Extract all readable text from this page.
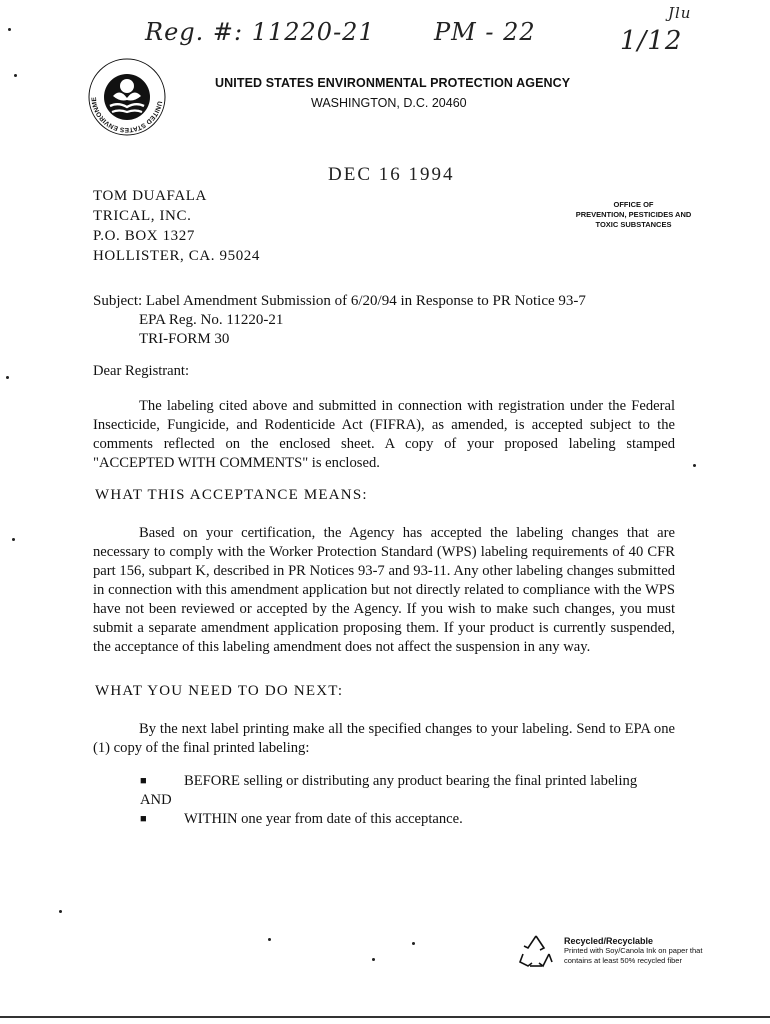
Reg. #: 11220-21 PM - 22	1/12
Jlu
UNITED STATES ENVIRONME
UNITED STATES ENVIRONMENTAL PROTECTION AGENCY
WASHINGTON, D.C. 20460
DEC 16 1994
TOM DUAFALA
TRICAL, INC.
P.O. BOX 1327
HOLLISTER, CA. 95024
OFFICE OF
PREVENTION, PESTICIDES AND
TOXIC SUBSTANCES
Subject: Label Amendment Submission of 6/20/94 in Response to PR Notice 93-7
EPA Reg. No. 11220-21
TRI-FORM 30
Dear Registrant:
The labeling cited above and submitted in connection with registration under the Federal Insecticide, Fungicide, and Rodenticide Act (FIFRA), as amended, is accepted subject to the comments reflected on the enclosed sheet. A copy of your proposed labeling stamped "ACCEPTED WITH COMMENTS" is enclosed.
WHAT THIS ACCEPTANCE MEANS:
Based on your certification, the Agency has accepted the labeling changes that are necessary to comply with the Worker Protection Standard (WPS) labeling requirements of 40 CFR part 156, subpart K, described in PR Notices 93-7 and 93-11. Any other labeling changes submitted in connection with this amendment application but not directly related to compliance with the WPS have not been reviewed or accepted by the Agency. If you wish to make such changes, you must submit a separate amendment application proposing them. If your product is currently suspended, the acceptance of this labeling amendment does not affect the suspension in any way.
WHAT YOU NEED TO DO NEXT:
By the next label printing make all the specified changes to your labeling. Send to EPA one (1) copy of the final printed labeling:
■	BEFORE selling or distributing any product bearing the final printed labeling
AND
■	WITHIN one year from date of this acceptance.
Recycled/Recyclable
Printed with Soy/Canola Ink on paper that
contains at least 50% recycled fiber
